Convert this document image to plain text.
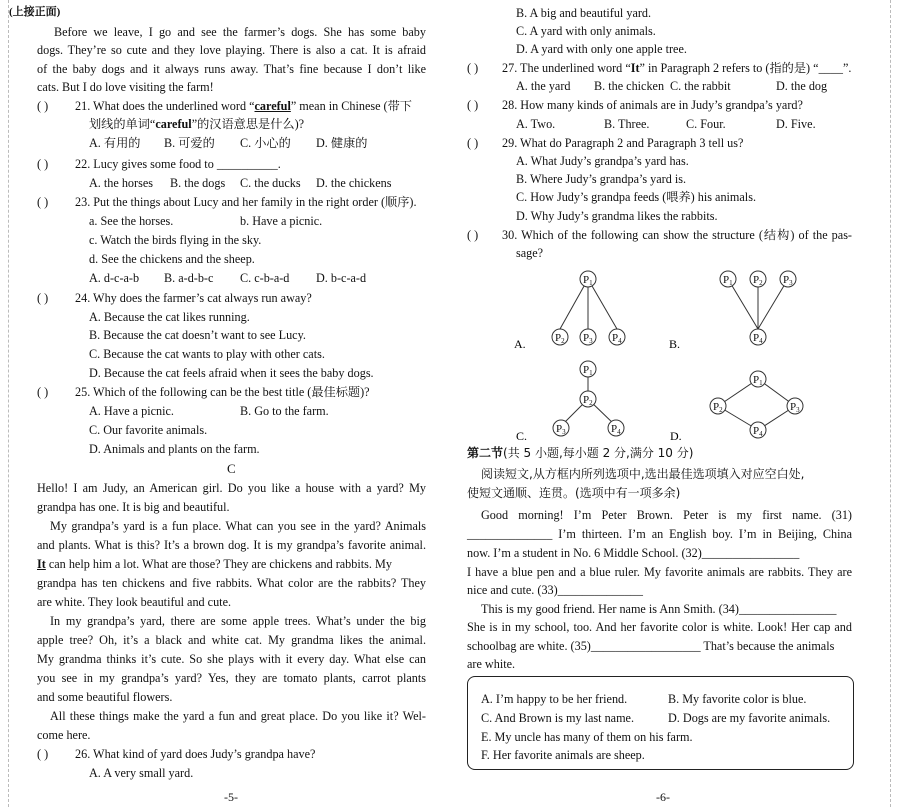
(上接正面)
Before we leave, I go and see the farmer’s dogs. She has some baby
dogs. They’re so cute and they love playing. There is also a cat. It is afraid
of the baby dogs and it always runs away. That’s fine because I don’t like
cats. But I do love visiting the farm!
( ) 21. What does the underlined word “careful” mean in Chinese (带下
划线的单词“careful”的汉语意思是什么)?
A. 有用的 B. 可爱的 C. 小心的 D. 健康的
( ) 22. Lucy gives some food to __________.
A. the horses B. the dogs C. the ducks D. the chickens
( ) 23. Put the things about Lucy and her family in the right order (顺序).
a. See the horses.	b. Have a picnic.
c. Watch the birds flying in the sky.
d. See the chickens and the sheep.
A. d-c-a-b B. a-d-b-c C. c-b-a-d D. b-c-a-d
( ) 24. Why does the farmer’s cat always run away?
A. Because the cat likes running.
B. Because the cat doesn’t want to see Lucy.
C. Because the cat wants to play with other cats.
D. Because the cat feels afraid when it sees the baby dogs.
( ) 25. Which of the following can be the best title (最佳标题)?
A. Have a picnic.	B. Go to the farm.
C. Our favorite animals.
D. Animals and plants on the farm.
C
Hello! I am Judy, an American girl. Do you like a house with a yard? My
grandpa has one. It is big and beautiful.
My grandpa’s yard is a fun place. What can you see in the yard? Animals
and plants. What is this? It’s a brown dog. It is my grandpa’s favorite animal.
It can help him a lot. What are those? They are chickens and rabbits. My
grandpa has ten chickens and five rabbits. What color are the rabbits? They
are white. They look beautiful and cute.
In my grandpa’s yard, there are some apple trees. What’s under the big
apple tree? Oh, it’s a black and white cat. My grandma likes the animal.
My grandma thinks it’s cute. So she plays with it every day. What else can
you see in my grandpa’s yard? Yes, they are tomato plants, carrot plants
and some beautiful flowers.
All these things make the yard a fun and great place. Do you like it? Wel-
come here.
( ) 26. What kind of yard does Judy’s grandpa have?
A. A very small yard.
-5-
B. A big and beautiful yard.
C. A yard with only animals.
D. A yard with only one apple tree.
( ) 27. The underlined word “It” in Paragraph 2 refers to (指的是) “____”.
A. the yard B. the chicken C. the rabbit	D. the dog
( ) 28. How many kinds of animals are in Judy’s grandpa’s yard?
A. Two.	B. Three.	C. Four.	D. Five.
( ) 29. What do Paragraph 2 and Paragraph 3 tell us?
A. What Judy’s grandpa’s yard has.
B. Where Judy’s grandpa’s yard is.
C. How Judy’s grandpa feeds (喂养) his animals.
D. Why Judy’s grandma likes the rabbits.
( ) 30. Which of the following can show the structure (结构) of the pas-
sage?
P1
P2 P3 P4
P1 P2 P3
P4
P1
P2
P3	P4
P1
P2	P3
P4
A.	B.
C.	D.
第二节(共 5 小题,每小题 2 分,满分 10 分)
阅读短文,从方框内所列选项中,选出最佳选项填入对应空白处,
使短文通顺、连贯。(选项中有一项多余)
Good morning! I’m Peter Brown. Peter is my first name. (31)
______________ I’m thirteen. I’m an English boy. I’m in Beijing, China
now. I’m a student in No. 6 Middle School. (32)________________
I have a blue pen and a blue ruler. My favorite animals are rabbits. They are
nice and cute. (33)______________
This is my good friend. Her name is Ann Smith. (34)________________
She is in my school, too. And her favorite color is white. Look! Her cap and
schoolbag are white. (35)__________________ That’s because the animals
are white.
A. I’m happy to be her friend.	B. My favorite color is blue.
C. And Brown is my last name.	D. Dogs are my favorite animals.
E. My uncle has many of them on his farm.
F. Her favorite animals are sheep.
-6-
